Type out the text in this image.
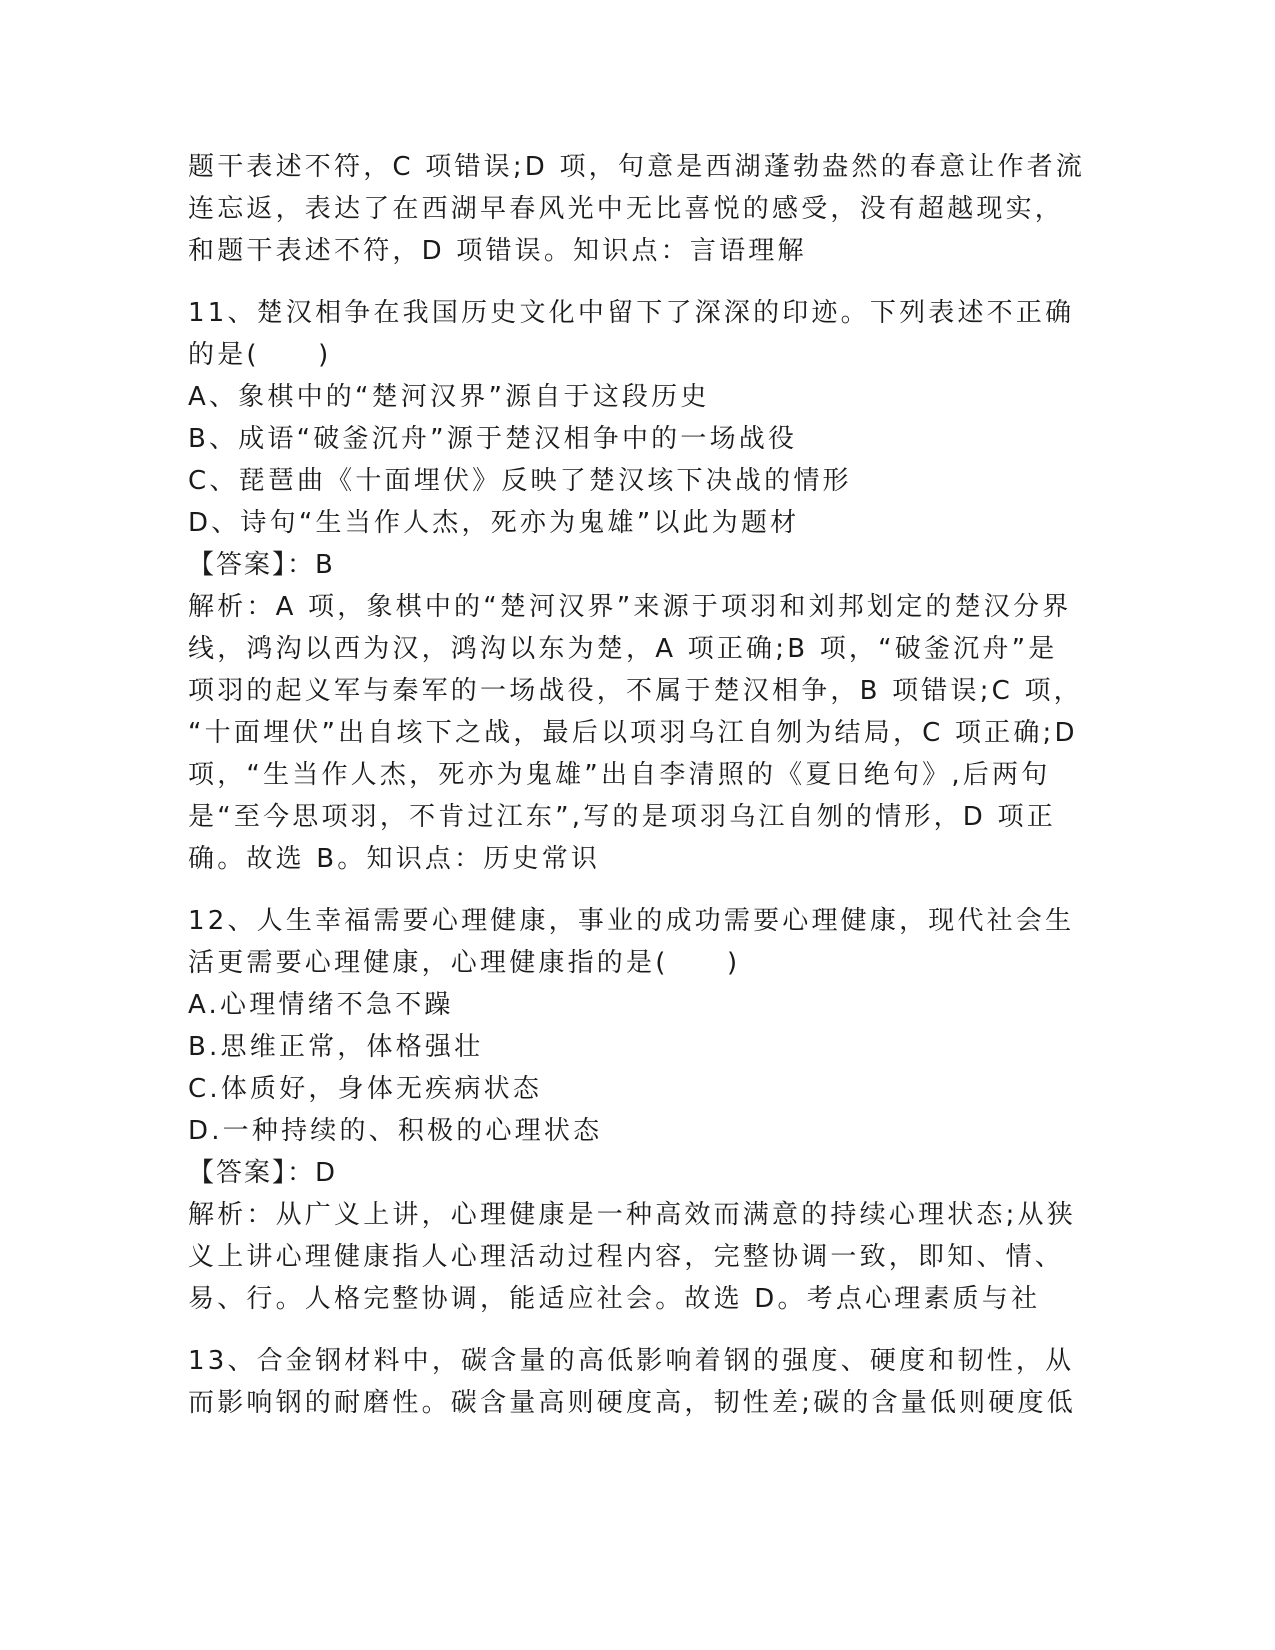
题干表述不符，C 项错误;D 项，句意是西湖蓬勃盎然的春意让作者流
连忘返，表达了在西湖早春风光中无比喜悦的感受，没有超越现实，
和题干表述不符，D 项错误。知识点：言语理解
11、楚汉相争在我国历史文化中留下了深深的印迹。下列表述不正确
的是(　　)
A、象棋中的“楚河汉界”源自于这段历史
B、成语“破釜沉舟”源于楚汉相争中的一场战役
C、琵琶曲《十面埋伏》反映了楚汉垓下决战的情形
D、诗句“生当作人杰，死亦为鬼雄”以此为题材
【答案】：B
解析：A 项，象棋中的“楚河汉界”来源于项羽和刘邦划定的楚汉分界
线，鸿沟以西为汉，鸿沟以东为楚，A 项正确;B 项，“破釜沉舟”是
项羽的起义军与秦军的一场战役，不属于楚汉相争，B 项错误;C 项，
“十面埋伏”出自垓下之战，最后以项羽乌江自刎为结局，C 项正确;D
项，“生当作人杰，死亦为鬼雄”出自李清照的《夏日绝句》,后两句
是“至今思项羽，不肯过江东”,写的是项羽乌江自刎的情形，D 项正
确。故选 B。知识点：历史常识
12、人生幸福需要心理健康，事业的成功需要心理健康，现代社会生
活更需要心理健康，心理健康指的是(　　)
A.心理情绪不急不躁
B.思维正常，体格强壮
C.体质好，身体无疾病状态
D.一种持续的、积极的心理状态
【答案】：D
解析：从广义上讲，心理健康是一种高效而满意的持续心理状态;从狭
义上讲心理健康指人心理活动过程内容，完整协调一致，即知、情、
易、行。人格完整协调，能适应社会。故选 D。考点心理素质与社
13、合金钢材料中，碳含量的高低影响着钢的强度、硬度和韧性，从
而影响钢的耐磨性。碳含量高则硬度高，韧性差;碳的含量低则硬度低
